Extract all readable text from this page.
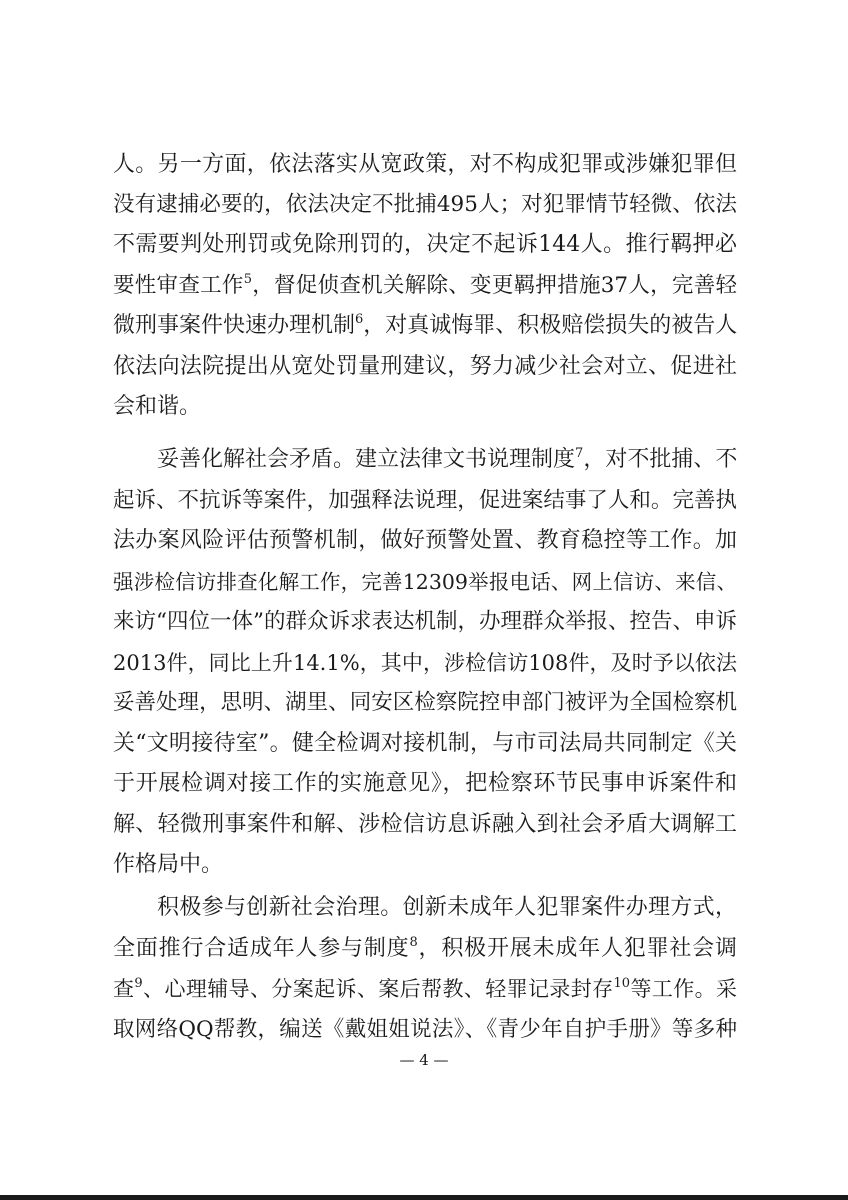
人。另一方面，依法落实从宽政策，对不构成犯罪或涉嫌犯罪但
没有逮捕必要的，依法决定不批捕495人；对犯罪情节轻微、依法
不需要判处刑罚或免除刑罚的，决定不起诉144人。推行羁押必
要性审查工作$^5$，督促侦查机关解除、变更羁押措施37人，完善轻
微刑事案件快速办理机制$^6$，对真诚悔罪、积极赔偿损失的被告人
依法向法院提出从宽处罚量刑建议，努力减少社会对立、促进社
会和谐。
妥善化解社会矛盾。建立法律文书说理制度$^7$，对不批捕、不
起诉、不抗诉等案件，加强释法说理，促进案结事了人和。完善执
法办案风险评估预警机制，做好预警处置、教育稳控等工作。加
强涉检信访排查化解工作，完善12309举报电话、网上信访、来信、
来访“四位一体”的群众诉求表达机制，办理群众举报、控告、申诉
2013件，同比上升14.1%，其中，涉检信访108件，及时予以依法
妥善处理，思明、湖里、同安区检察院控申部门被评为全国检察机
关“文明接待室”。健全检调对接机制，与市司法局共同制定《关
于开展检调对接工作的实施意见》，把检察环节民事申诉案件和
解、轻微刑事案件和解、涉检信访息诉融入到社会矛盾大调解工
作格局中。
积极参与创新社会治理。创新未成年人犯罪案件办理方式，
全面推行合适成年人参与制度$^8$，积极开展未成年人犯罪社会调
查$^9$、心理辅导、分案起诉、案后帮教、轻罪记录封存$^{10}$等工作。采
取网络QQ帮教，编送《戴姐姐说法》、《青少年自护手册》等多种
— 4 —
